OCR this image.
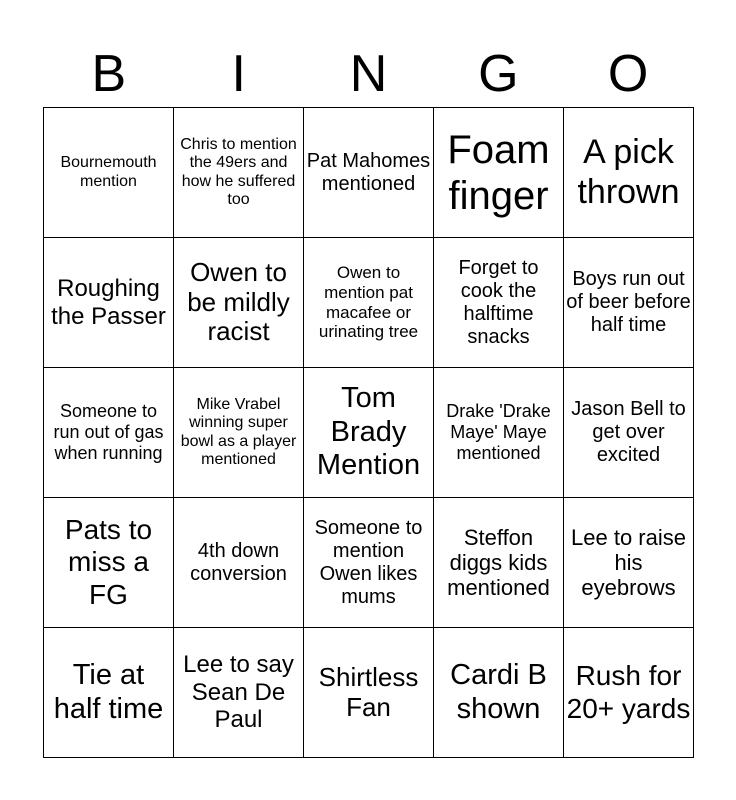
B	I	N	G	O
Bournemouth mention	Chris to mention the 49ers and how he suffered too	Pat Mahomes mentioned	Foam finger	A pick thrown
Roughing the Passer	Owen to be mildly racist	Owen to mention pat macafee or urinating tree	Forget to cook the halftime snacks	Boys run out of beer before half time
Someone to run out of gas when running	Mike Vrabel winning super bowl as a player mentioned	Tom Brady Mention	Drake 'Drake Maye' Maye mentioned	Jason Bell to get over excited
Pats to miss a FG	4th down conversion	Someone to mention Owen likes mums	Steffon diggs kids mentioned	Lee to raise his eyebrows
Tie at half time	Lee to say Sean De Paul	Shirtless Fan	Cardi B shown	Rush for 20+ yards
